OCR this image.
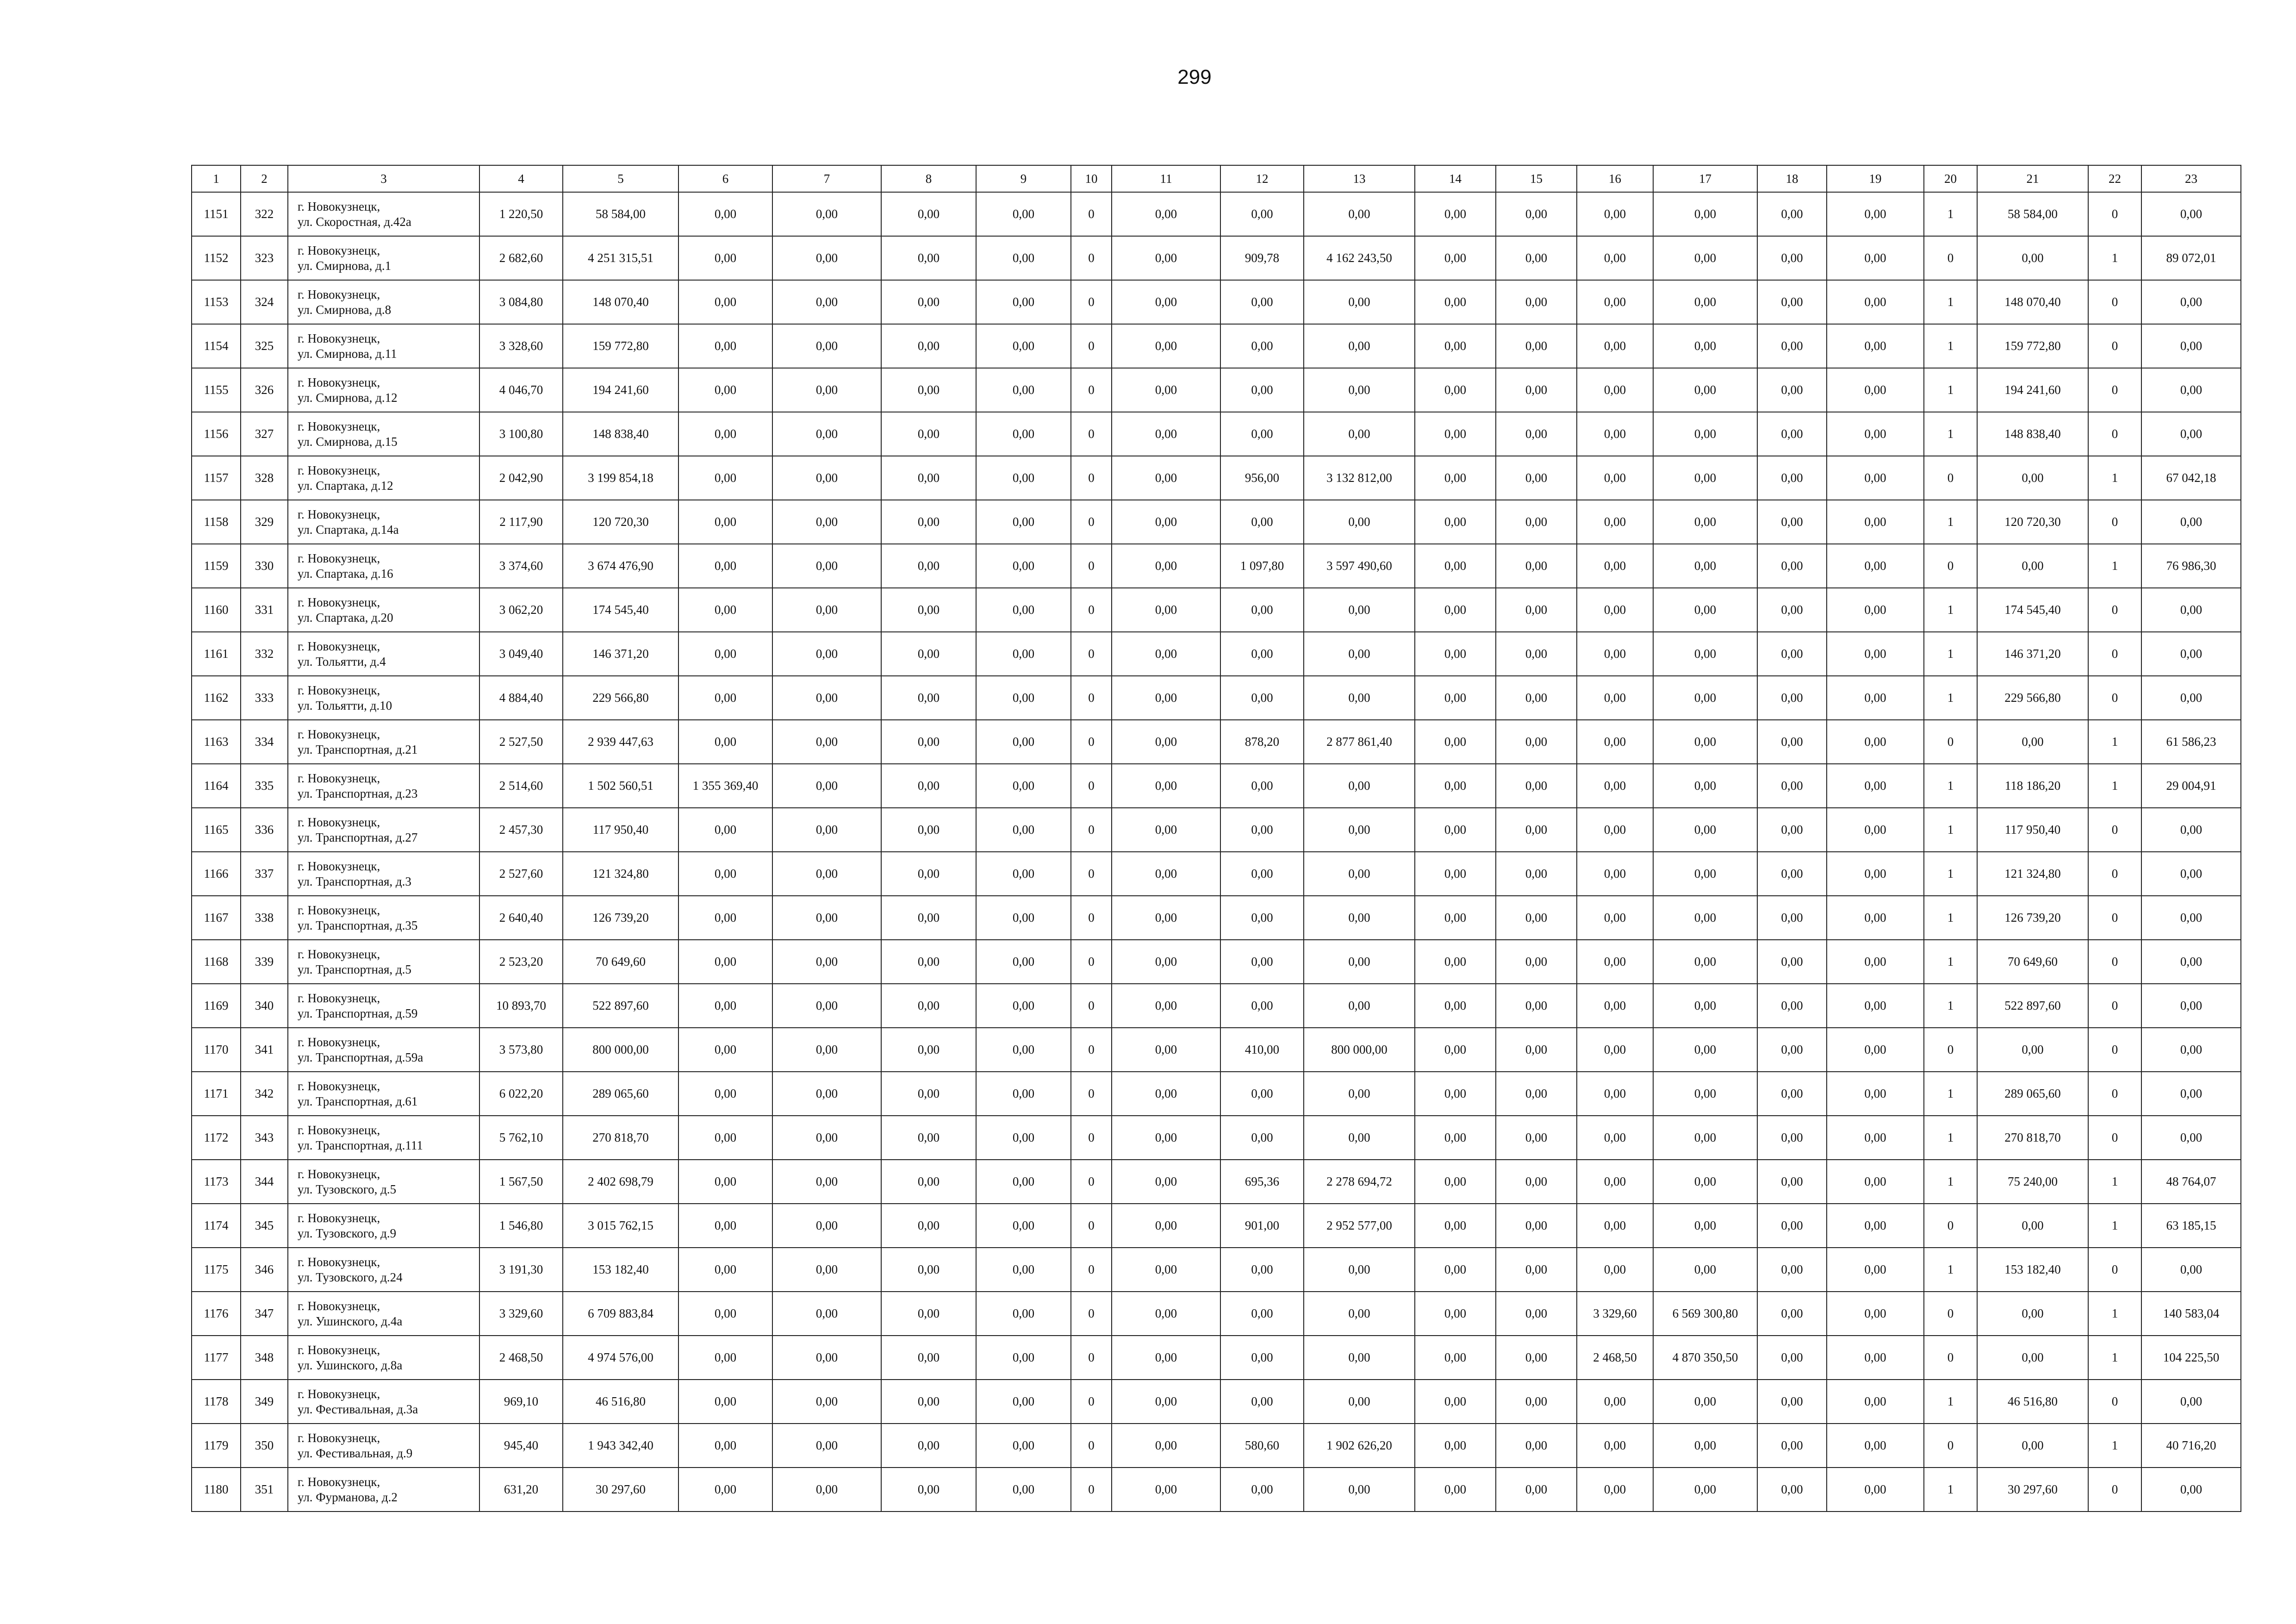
299
1	2	3	4	5	6	7	8	9	10	11	12	13	14	15	16	17	18	19	20	21	22	23
1151	322	г. Новокузнецк,
ул. Скоростная, д.42а	1 220,50	58 584,00	0,00	0,00	0,00	0,00	0	0,00	0,00	0,00	0,00	0,00	0,00	0,00	0,00	0,00	1	58 584,00	0	0,00
1152	323	г. Новокузнецк,
ул. Смирнова, д.1	2 682,60	4 251 315,51	0,00	0,00	0,00	0,00	0	0,00	909,78	4 162 243,50	0,00	0,00	0,00	0,00	0,00	0,00	0	0,00	1	89 072,01
1153	324	г. Новокузнецк,
ул. Смирнова, д.8	3 084,80	148 070,40	0,00	0,00	0,00	0,00	0	0,00	0,00	0,00	0,00	0,00	0,00	0,00	0,00	0,00	1	148 070,40	0	0,00
1154	325	г. Новокузнецк,
ул. Смирнова, д.11	3 328,60	159 772,80	0,00	0,00	0,00	0,00	0	0,00	0,00	0,00	0,00	0,00	0,00	0,00	0,00	0,00	1	159 772,80	0	0,00
1155	326	г. Новокузнецк,
ул. Смирнова, д.12	4 046,70	194 241,60	0,00	0,00	0,00	0,00	0	0,00	0,00	0,00	0,00	0,00	0,00	0,00	0,00	0,00	1	194 241,60	0	0,00
1156	327	г. Новокузнецк,
ул. Смирнова, д.15	3 100,80	148 838,40	0,00	0,00	0,00	0,00	0	0,00	0,00	0,00	0,00	0,00	0,00	0,00	0,00	0,00	1	148 838,40	0	0,00
1157	328	г. Новокузнецк,
ул. Спартака, д.12	2 042,90	3 199 854,18	0,00	0,00	0,00	0,00	0	0,00	956,00	3 132 812,00	0,00	0,00	0,00	0,00	0,00	0,00	0	0,00	1	67 042,18
1158	329	г. Новокузнецк,
ул. Спартака, д.14а	2 117,90	120 720,30	0,00	0,00	0,00	0,00	0	0,00	0,00	0,00	0,00	0,00	0,00	0,00	0,00	0,00	1	120 720,30	0	0,00
1159	330	г. Новокузнецк,
ул. Спартака, д.16	3 374,60	3 674 476,90	0,00	0,00	0,00	0,00	0	0,00	1 097,80	3 597 490,60	0,00	0,00	0,00	0,00	0,00	0,00	0	0,00	1	76 986,30
1160	331	г. Новокузнецк,
ул. Спартака, д.20	3 062,20	174 545,40	0,00	0,00	0,00	0,00	0	0,00	0,00	0,00	0,00	0,00	0,00	0,00	0,00	0,00	1	174 545,40	0	0,00
1161	332	г. Новокузнецк,
ул. Тольятти, д.4	3 049,40	146 371,20	0,00	0,00	0,00	0,00	0	0,00	0,00	0,00	0,00	0,00	0,00	0,00	0,00	0,00	1	146 371,20	0	0,00
1162	333	г. Новокузнецк,
ул. Тольятти, д.10	4 884,40	229 566,80	0,00	0,00	0,00	0,00	0	0,00	0,00	0,00	0,00	0,00	0,00	0,00	0,00	0,00	1	229 566,80	0	0,00
1163	334	г. Новокузнецк,
ул. Транспортная, д.21	2 527,50	2 939 447,63	0,00	0,00	0,00	0,00	0	0,00	878,20	2 877 861,40	0,00	0,00	0,00	0,00	0,00	0,00	0	0,00	1	61 586,23
1164	335	г. Новокузнецк,
ул. Транспортная, д.23	2 514,60	1 502 560,51	1 355 369,40	0,00	0,00	0,00	0	0,00	0,00	0,00	0,00	0,00	0,00	0,00	0,00	0,00	1	118 186,20	1	29 004,91
1165	336	г. Новокузнецк,
ул. Транспортная, д.27	2 457,30	117 950,40	0,00	0,00	0,00	0,00	0	0,00	0,00	0,00	0,00	0,00	0,00	0,00	0,00	0,00	1	117 950,40	0	0,00
1166	337	г. Новокузнецк,
ул. Транспортная, д.3	2 527,60	121 324,80	0,00	0,00	0,00	0,00	0	0,00	0,00	0,00	0,00	0,00	0,00	0,00	0,00	0,00	1	121 324,80	0	0,00
1167	338	г. Новокузнецк,
ул. Транспортная, д.35	2 640,40	126 739,20	0,00	0,00	0,00	0,00	0	0,00	0,00	0,00	0,00	0,00	0,00	0,00	0,00	0,00	1	126 739,20	0	0,00
1168	339	г. Новокузнецк,
ул. Транспортная, д.5	2 523,20	70 649,60	0,00	0,00	0,00	0,00	0	0,00	0,00	0,00	0,00	0,00	0,00	0,00	0,00	0,00	1	70 649,60	0	0,00
1169	340	г. Новокузнецк,
ул. Транспортная, д.59	10 893,70	522 897,60	0,00	0,00	0,00	0,00	0	0,00	0,00	0,00	0,00	0,00	0,00	0,00	0,00	0,00	1	522 897,60	0	0,00
1170	341	г. Новокузнецк,
ул. Транспортная, д.59а	3 573,80	800 000,00	0,00	0,00	0,00	0,00	0	0,00	410,00	800 000,00	0,00	0,00	0,00	0,00	0,00	0,00	0	0,00	0	0,00
1171	342	г. Новокузнецк,
ул. Транспортная, д.61	6 022,20	289 065,60	0,00	0,00	0,00	0,00	0	0,00	0,00	0,00	0,00	0,00	0,00	0,00	0,00	0,00	1	289 065,60	0	0,00
1172	343	г. Новокузнецк,
ул. Транспортная, д.111	5 762,10	270 818,70	0,00	0,00	0,00	0,00	0	0,00	0,00	0,00	0,00	0,00	0,00	0,00	0,00	0,00	1	270 818,70	0	0,00
1173	344	г. Новокузнецк,
ул. Тузовского, д.5	1 567,50	2 402 698,79	0,00	0,00	0,00	0,00	0	0,00	695,36	2 278 694,72	0,00	0,00	0,00	0,00	0,00	0,00	1	75 240,00	1	48 764,07
1174	345	г. Новокузнецк,
ул. Тузовского, д.9	1 546,80	3 015 762,15	0,00	0,00	0,00	0,00	0	0,00	901,00	2 952 577,00	0,00	0,00	0,00	0,00	0,00	0,00	0	0,00	1	63 185,15
1175	346	г. Новокузнецк,
ул. Тузовского, д.24	3 191,30	153 182,40	0,00	0,00	0,00	0,00	0	0,00	0,00	0,00	0,00	0,00	0,00	0,00	0,00	0,00	1	153 182,40	0	0,00
1176	347	г. Новокузнецк,
ул. Ушинского, д.4а	3 329,60	6 709 883,84	0,00	0,00	0,00	0,00	0	0,00	0,00	0,00	0,00	0,00	3 329,60	6 569 300,80	0,00	0,00	0	0,00	1	140 583,04
1177	348	г. Новокузнецк,
ул. Ушинского, д.8а	2 468,50	4 974 576,00	0,00	0,00	0,00	0,00	0	0,00	0,00	0,00	0,00	0,00	2 468,50	4 870 350,50	0,00	0,00	0	0,00	1	104 225,50
1178	349	г. Новокузнецк,
ул. Фестивальная, д.3а	969,10	46 516,80	0,00	0,00	0,00	0,00	0	0,00	0,00	0,00	0,00	0,00	0,00	0,00	0,00	0,00	1	46 516,80	0	0,00
1179	350	г. Новокузнецк,
ул. Фестивальная, д.9	945,40	1 943 342,40	0,00	0,00	0,00	0,00	0	0,00	580,60	1 902 626,20	0,00	0,00	0,00	0,00	0,00	0,00	0	0,00	1	40 716,20
1180	351	г. Новокузнецк,
ул. Фурманова, д.2	631,20	30 297,60	0,00	0,00	0,00	0,00	0	0,00	0,00	0,00	0,00	0,00	0,00	0,00	0,00	0,00	1	30 297,60	0	0,00
